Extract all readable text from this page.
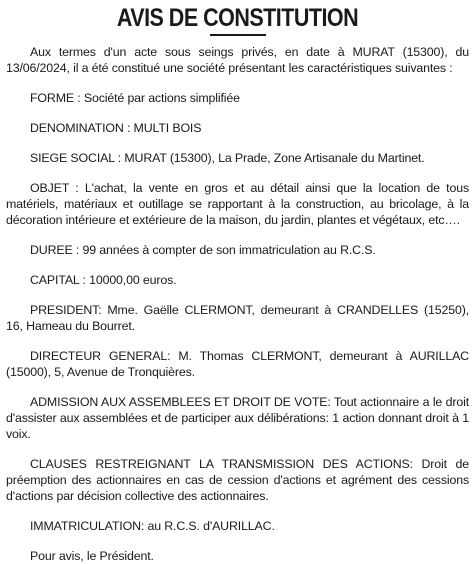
AVIS DE CONSTITUTION

Aux termes d'un acte sous seings privés, en date à MURAT (15300), du 13/06/2024, il a été constitué une société présentant les caractéristiques suivantes :

FORME : Société par actions simplifiée

DENOMINATION : MULTI BOIS

SIEGE SOCIAL : MURAT (15300), La Prade, Zone Artisanale du Martinet.

OBJET : L'achat, la vente en gros et au détail ainsi que la location de tous matériels, matériaux et outillage se rapportant à la construction, au bricolage, à la décoration intérieure et extérieure de la maison, du jardin, plantes et végétaux, etc….

DUREE : 99 années à compter de son immatriculation au R.C.S.

CAPITAL : 10000,00 euros.

PRESIDENT: Mme. Gaëlle CLERMONT, demeurant à CRANDELLES (15250), 16, Hameau du Bourret.

DIRECTEUR GENERAL: M. Thomas CLERMONT, demeurant à AURILLAC (15000), 5, Avenue de Tronquières.

ADMISSION AUX ASSEMBLEES ET DROIT DE VOTE: Tout actionnaire a le droit d'assister aux assemblées et de participer aux délibérations: 1 action donnant droit à 1 voix.

CLAUSES RESTREIGNANT LA TRANSMISSION DES ACTIONS: Droit de préemption des actionnaires en cas de cession d'actions et agrément des cessions d'actions par décision collective des actionnaires.

IMMATRICULATION: au R.C.S. d'AURILLAC.

Pour avis, le Président.
